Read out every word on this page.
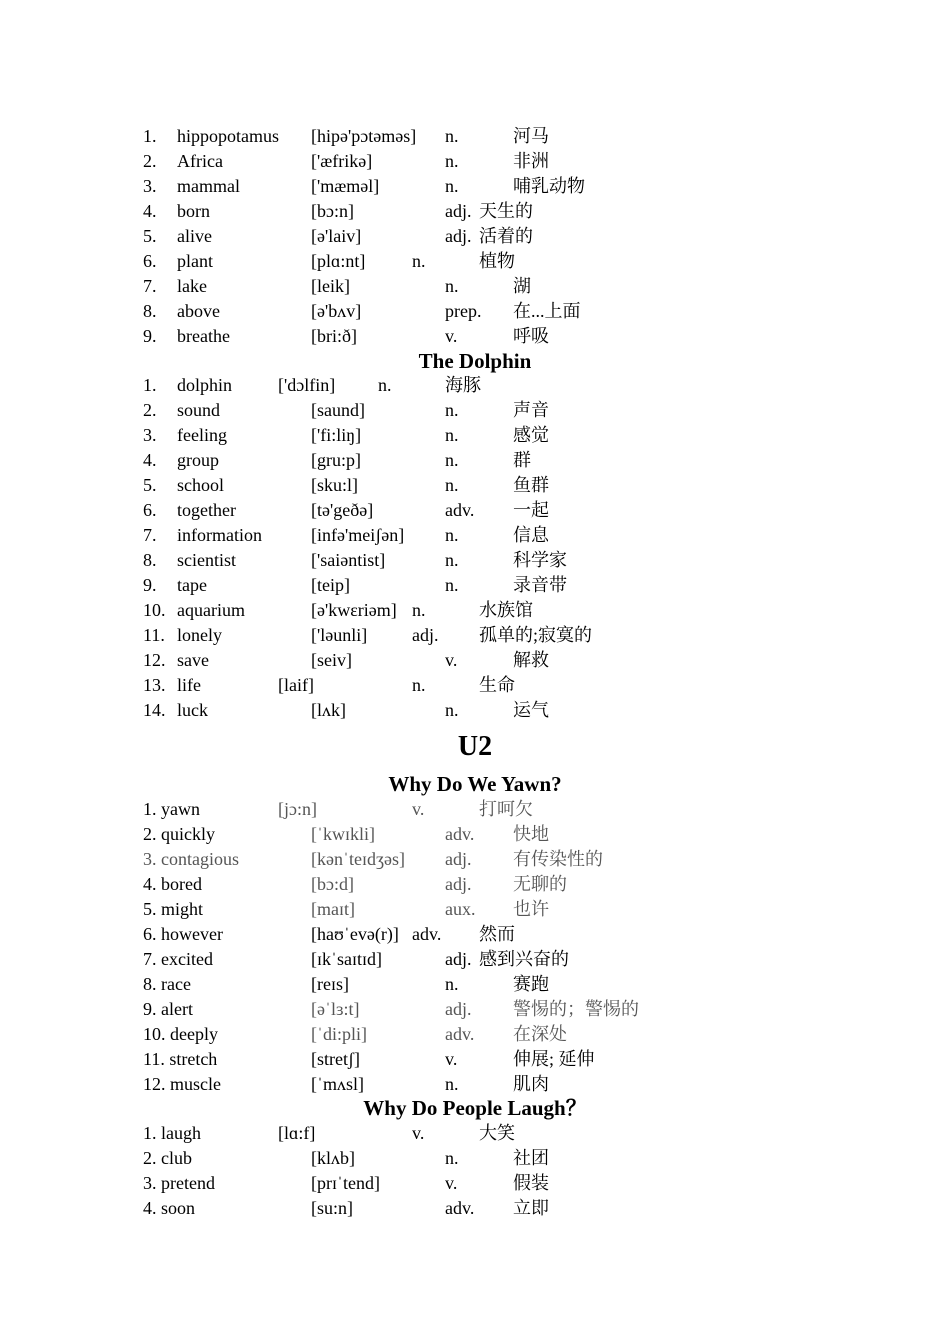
1. hippopotamus [hipə'pɔtəməs] n.	河马
2. Africa	['æfrikə]	n.	非洲
3. mammal	['mæməl]	n.	哺乳动物
4. born	[bɔ:n]	adj. 天生的
5. alive	[ə'laiv]	adj. 活着的
6. plant	[plɑ:nt]	n.	植物
7. lake	[leik]	n.	湖
8. above	[ə'bʌv]	prep. 在...上面
9. breathe	[bri:ð]	v.	呼吸
The Dolphin
1. dolphin	['dɔlfin] n.	海豚
2. sound	[saund]	n.	声音
3. feeling	['fi:liŋ]	n.	感觉
4. group	[gru:p]	n.	群
5. school	[sku:l]	n.	鱼群
6. together	[tə'geðə]	adv. 一起
7. information	[infə'meiʃən] n.	信息
8. scientist	['saiəntist]	n.	科学家
9. tape	[teip]	n.	录音带
10. aquarium	[ə'kwɛriəm] n.	水族馆
11. lonely	['ləunli] adj. 孤单的;寂寞的
12. save	[seiv]	v.	解救
13. life	[laif]	n.	生命
14. luck	[lʌk]	n.	运气
U2
Why Do We Yawn?
1. yawn	[jɔ:n]	v.	打呵欠
2. quickly	[ˈkwɪkli]	adv. 快地
3. contagious	[kənˈteɪdʒəs] adj. 有传染性的
4. bored	[bɔ:d]	adj. 无聊的
5. might	[maɪt]	aux. 也许
6. however	[haʊˈevə(r)] adv. 然而
7. excited	[ɪkˈsaɪtɪd]	adj. 感到兴奋的
8. race	[reɪs]	n.	赛跑
9. alert	[əˈlɜ:t]	adj. 警惕的；警惕的
10. deeply	[ˈdi:pli]	adv. 在深处
11. stretch	[stretʃ]	v.	伸展; 延伸
12. muscle	[ˈmʌsl]	n.	肌肉
Why Do People Laugh？
1. laugh	[lɑ:f]	v.	大笑
2. club	[klʌb]	n.	社团
3. pretend	[prɪˈtend]	v.	假装
4. soon	[su:n]	adv. 立即
